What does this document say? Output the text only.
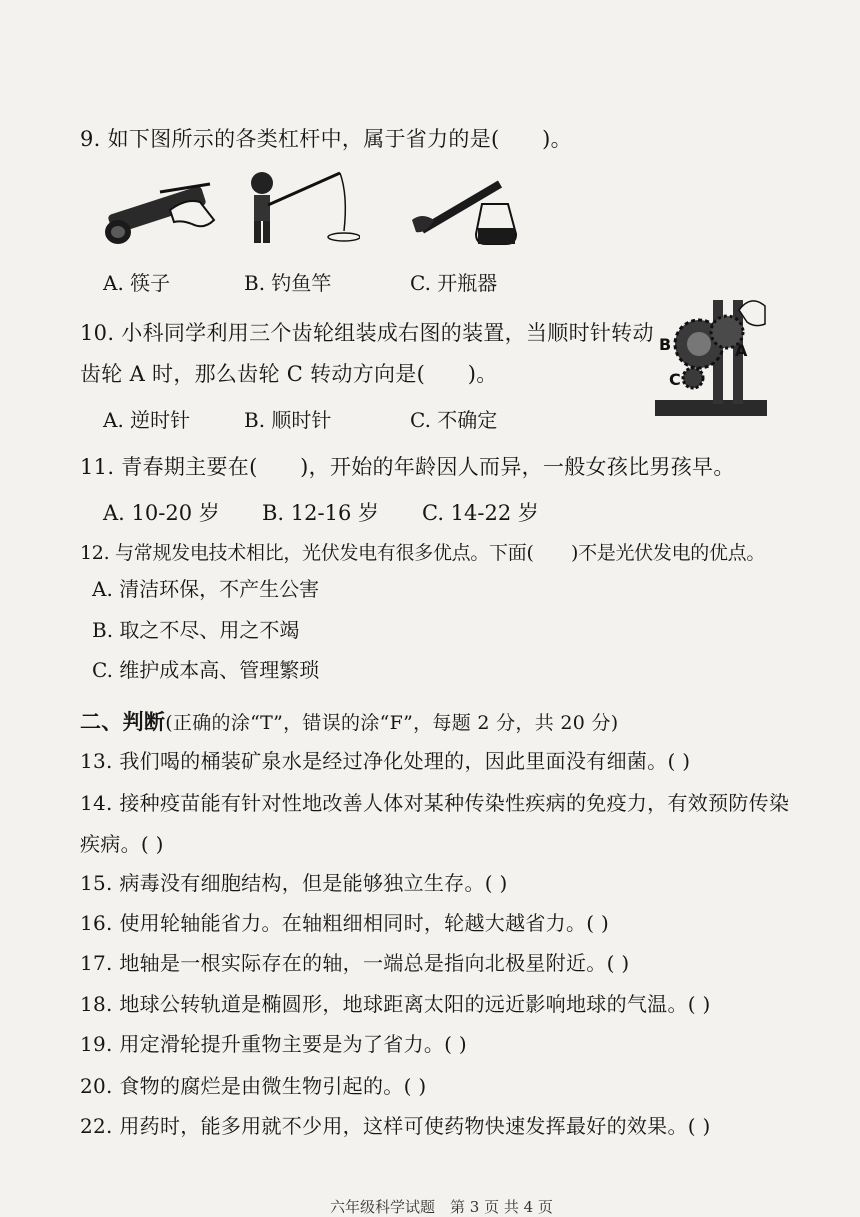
9. 如下图所示的各类杠杆中，属于省力的是(　　)。
A. 筷子	B. 钓鱼竿	C. 开瓶器
10. 小科同学利用三个齿轮组装成右图的装置，当顺时针转动
齿轮 A 时，那么齿轮 C 转动方向是(　　)。
B	A
C
A. 逆时针	B. 顺时针	C. 不确定
11. 青春期主要在(　　)，开始的年龄因人而异，一般女孩比男孩早。
A. 10-20 岁 B. 12-16 岁 C. 14-22 岁
12. 与常规发电技术相比，光伏发电有很多优点。下面(　　)不是光伏发电的优点。
A. 清洁环保，不产生公害
B. 取之不尽、用之不竭
C. 维护成本高、管理繁琐
二、判断(正确的涂“T”，错误的涂“F”，每题 2 分，共 20 分)
13. 我们喝的桶装矿泉水是经过净化处理的，因此里面没有细菌。( )
14. 接种疫苗能有针对性地改善人体对某种传染性疾病的免疫力，有效预防传染
疾病。( )
15. 病毒没有细胞结构，但是能够独立生存。( )
16. 使用轮轴能省力。在轴粗细相同时，轮越大越省力。( )
17. 地轴是一根实际存在的轴，一端总是指向北极星附近。( )
18. 地球公转轨道是椭圆形，地球距离太阳的远近影响地球的气温。( )
19. 用定滑轮提升重物主要是为了省力。( )
20. 食物的腐烂是由微生物引起的。( )
22. 用药时，能多用就不少用，这样可使药物快速发挥最好的效果。( )
六年级科学试题　第 3 页 共 4 页
